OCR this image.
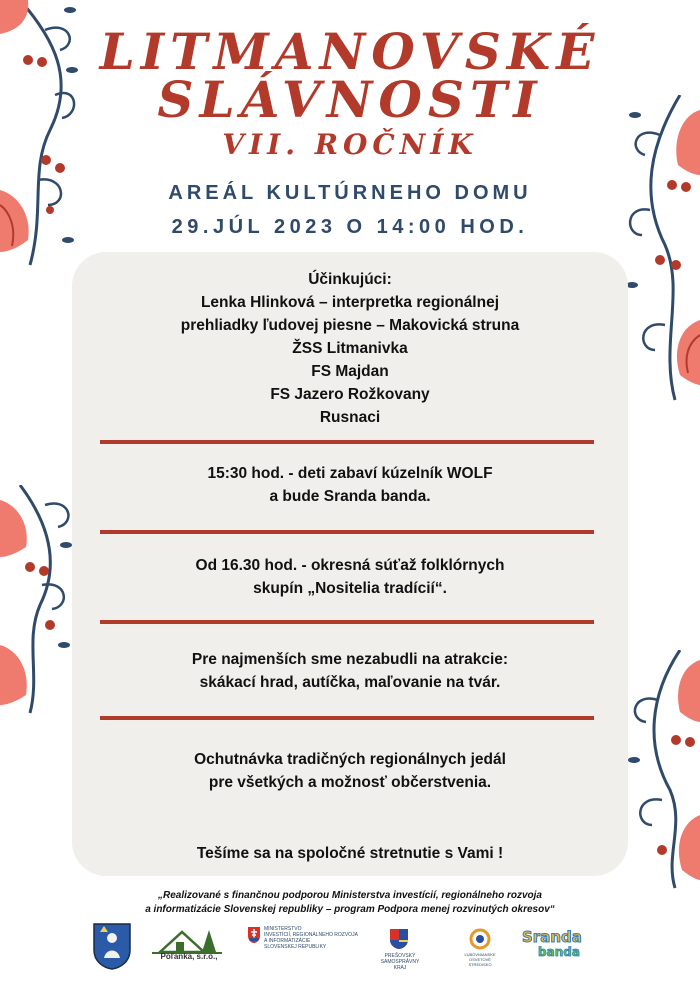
LITMANOVSKÉ
SLÁVNOSTI
VII. ROČNÍK
AREÁL KULTÚRNEHO DOMU
29.JÚL 2023 O 14:00 HOD.
Účinkujúci:
Lenka Hlinková – interpretka regionálnej
prehliadky ľudovej piesne – Makovická struna
ŽSS Litmanivka
FS Majdan
FS Jazero Rožkovany
Rusnaci
15:30 hod. - deti zabaví kúzelník WOLF
a bude Sranda banda.
Od 16.30 hod. - okresná súťaž folklórnych
skupín „Nositelia tradícií“.
Pre najmenších sme nezabudli na atrakcie:
skákací hrad, autíčka, maľovanie na tvár.
Ochutnávka tradičných regionálnych jedál
pre všetkých a možnosť občerstvenia.
Tešíme sa na spoločné stretnutie s Vami !
„Realizované s finančnou podporou Ministerstva investícií, regionálneho rozvoja
a informatizácie Slovenskej republiky – program Podpora menej rozvinutých okresov“
Poľanka, s.r.o.,
MINISTERSTVO
INVESTÍCIÍ, REGIONÁLNEHO ROZVOJA
A INFORMATIZÁCIE
SLOVENSKEJ REPUBLIKY
PREŠOVSKÝ
SAMOSPRÁVNY
KRAJ
ĽUBOVNIANSKE
OSVETOVÉ
STREDISKO
Sranda
banda
